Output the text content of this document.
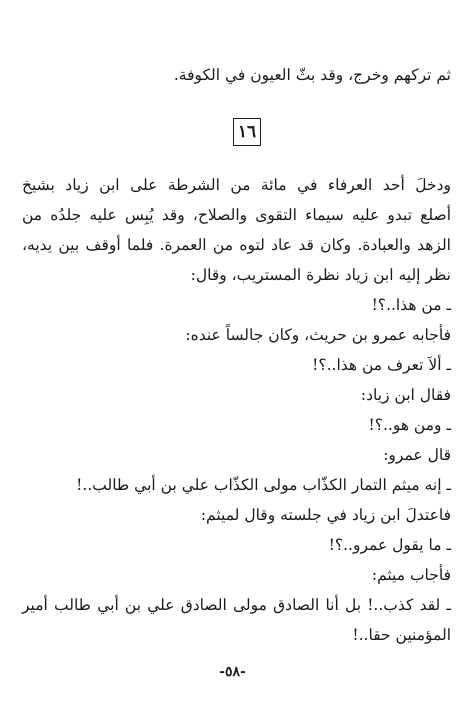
ثم تركهم وخرج، وقد بثّ العيون في الكوفة.
١٦
ودخلَ أحد العرفاء في مائة من الشرطة على ابن زياد بشيخ
أصلع تبدو عليه سيماء التقوى والصلاح، وقد يُبِس عليه جلدُه من
الزهد والعبادة. وكان قد عاد لتوه من العمرة. فلما أوقف بين يديه،
نظر إليه ابن زياد نظرة المستريب، وقال:
ـ من هذا..؟!
فأجابه عمرو بن حريث، وكان جالساً عنده:
ـ ألاَ تعرف من هذا..؟!
فقال ابن زياد:
ـ ومن هو..؟!
قال عمرو:
ـ إنه ميثم التمار الكذّاب مولى الكذّاب علي بن أبي طالب..!
فاعتدلَ ابن زياد في جلسته وقال لميثم:
ـ ما يقول عمرو..؟!
فأجاب ميثم:
ـ لقد كذب..! بل أنا الصادق مولى الصادق علي بن أبي طالب أمير
المؤمنين حقا..!
-٥٨-
